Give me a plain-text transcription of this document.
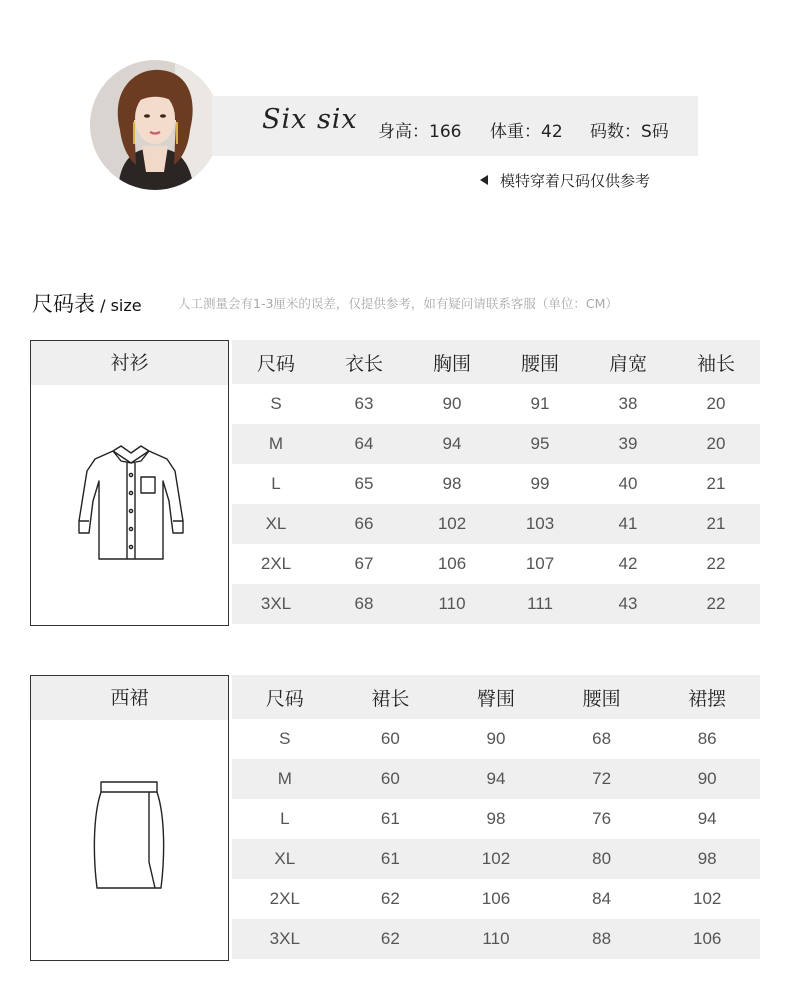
Six six 身高：166 体重：42 码数：S码
模特穿着尺码仅供参考
尺码表 / size	人工测量会有1-3厘米的误差，仅提供参考，如有疑问请联系客服（单位：CM）
衬衫	尺码	衣长	胸围	腰围	肩宽	袖长
S	63	90	91	38	20
M	64	94	95	39	20
L	65	98	99	40	21
XL	66	102	103	41	21
2XL	67	106	107	42	22
3XL	68	110	111	43	22
西裙	尺码	裙长	臀围	腰围	裙摆
S	60	90	68	86
M	60	94	72	90
L	61	98	76	94
XL	61	102	80	98
2XL	62	106	84	102
3XL	62	110	88	106
